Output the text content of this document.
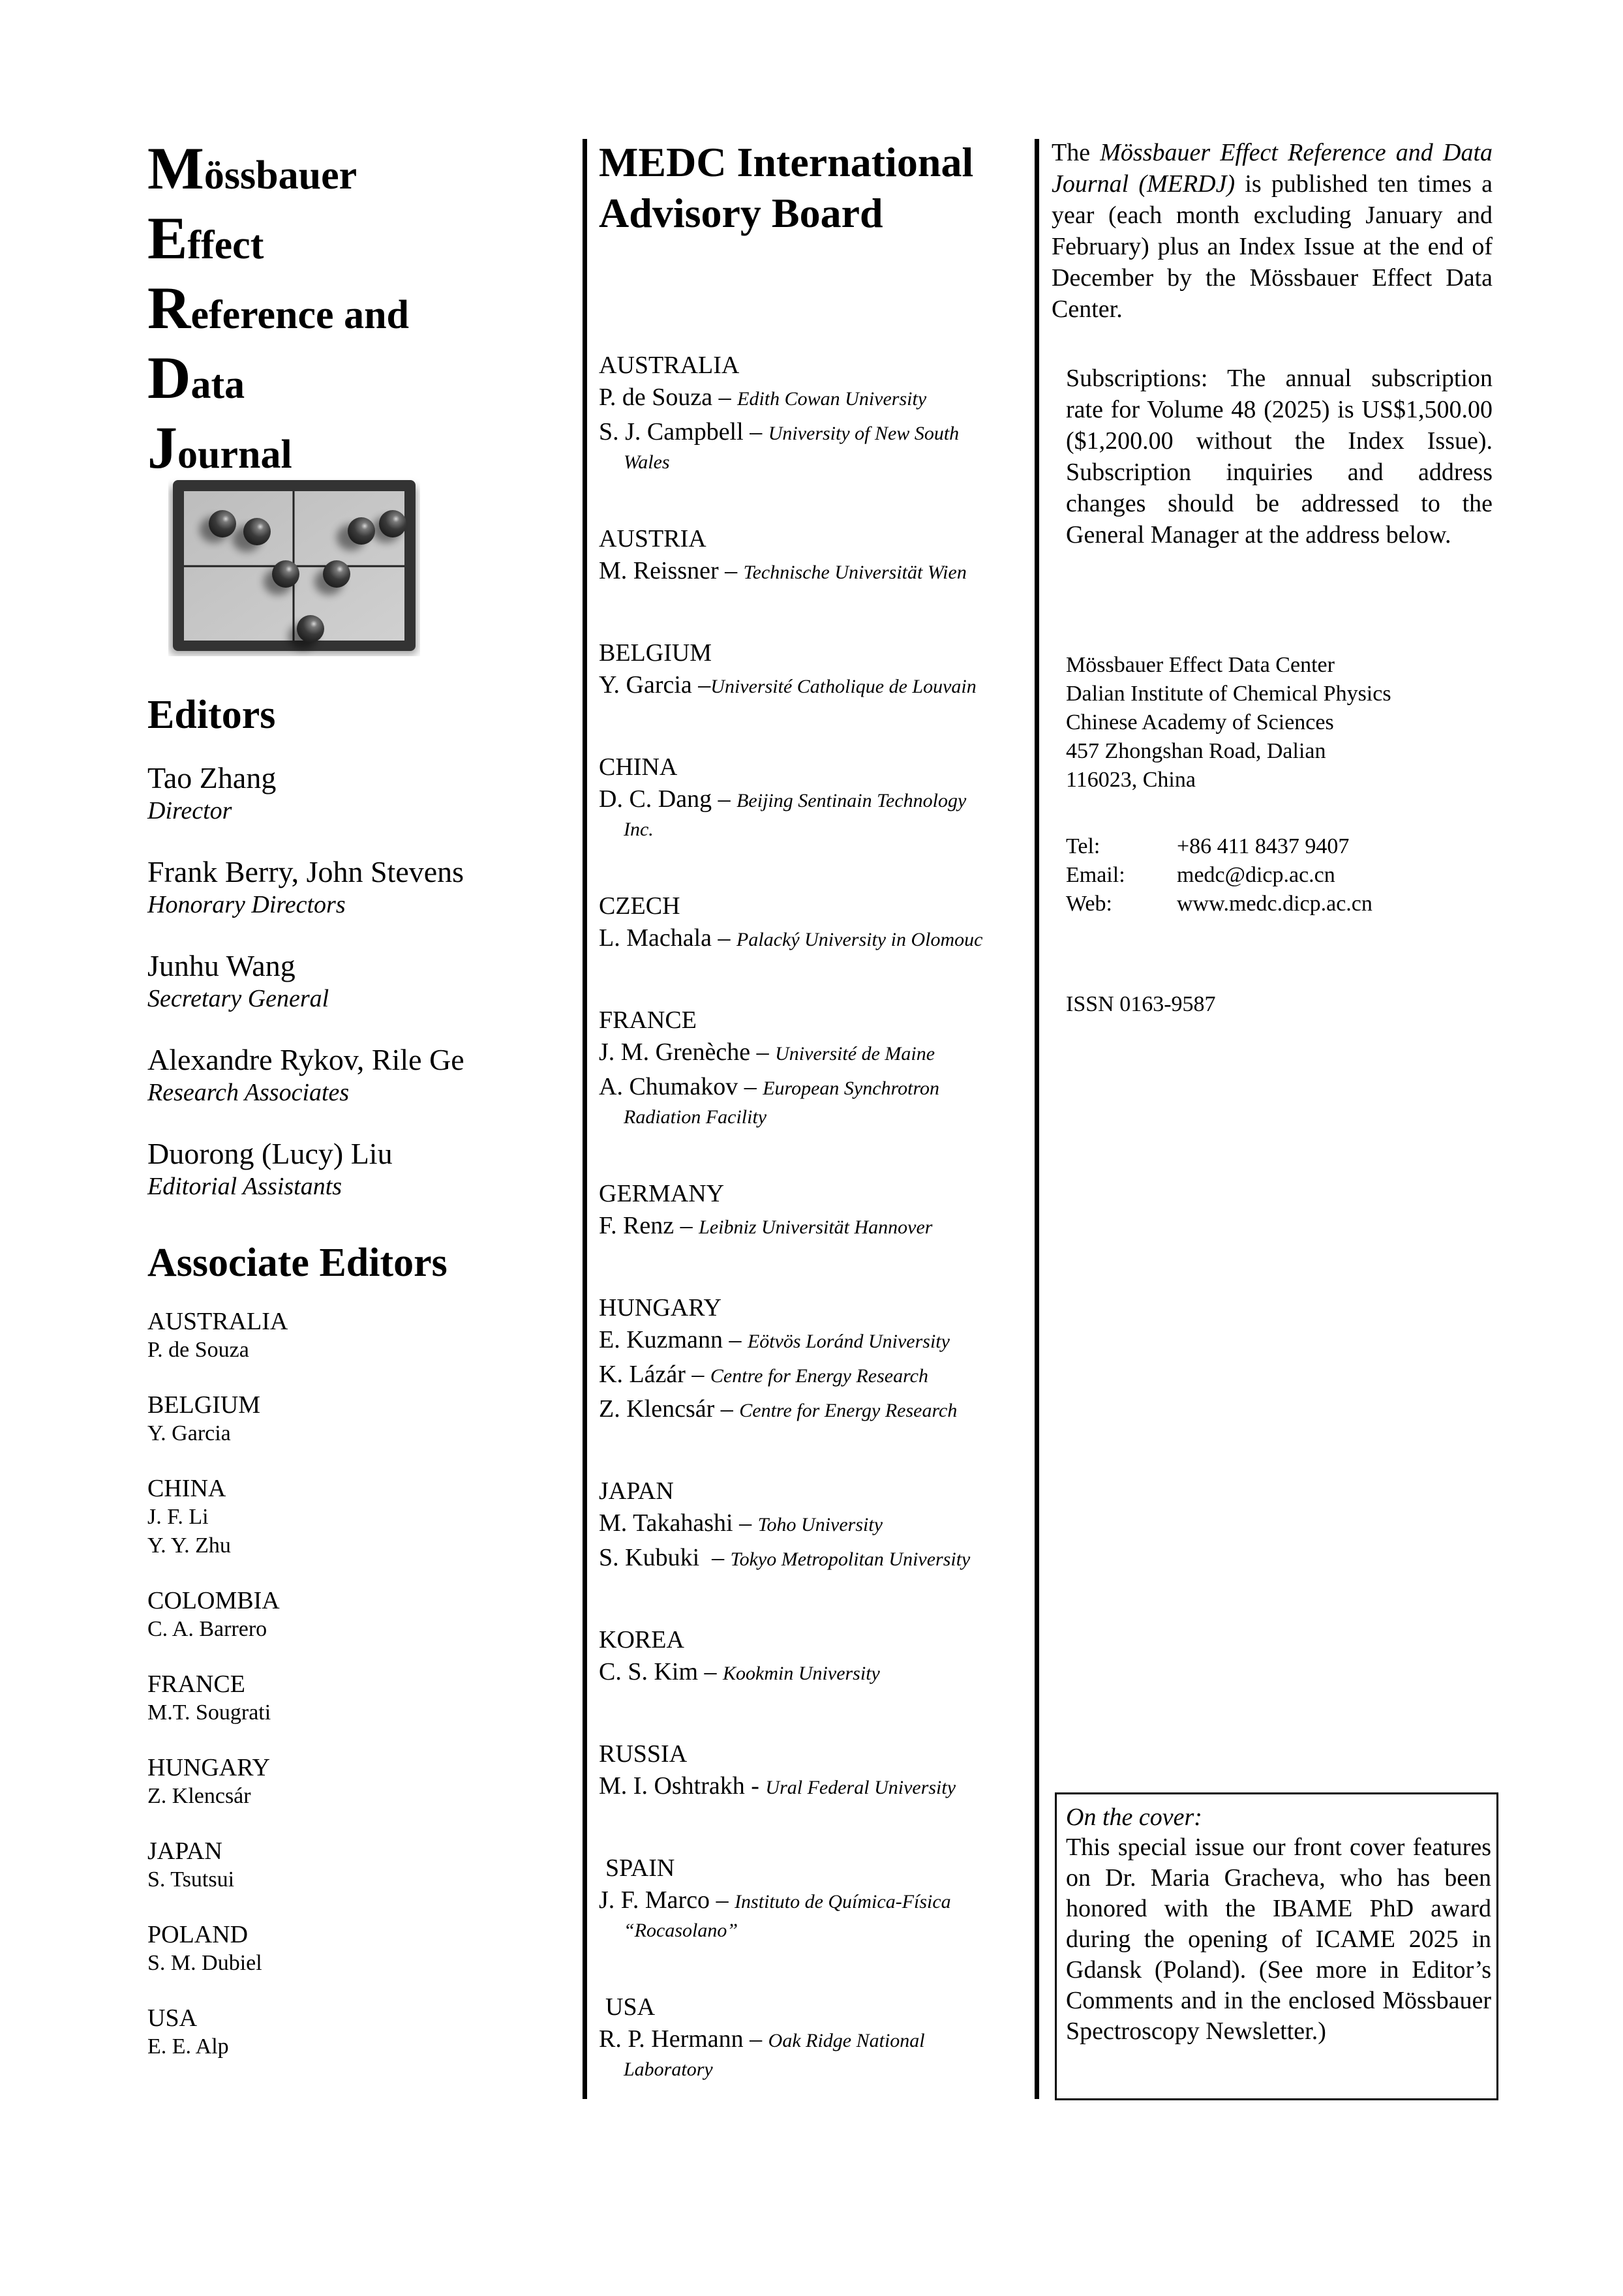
Mössbauer
Effect
Reference and
Data
Journal
Editors
Tao Zhang
Director
Frank Berry, John Stevens
Honorary Directors
Junhu Wang
Secretary General
Alexandre Rykov, Rile Ge
Research Associates
Duorong (Lucy) Liu
Editorial Assistants
Associate Editors
AUSTRALIA
P. de Souza
BELGIUM
Y. Garcia
CHINA
J. F. Li
Y. Y. Zhu
COLOMBIA
C. A. Barrero
FRANCE
M.T. Sougrati
HUNGARY
Z. Klencsár
JAPAN
S. Tsutsui
POLAND
S. M. Dubiel
USA
E. E. Alp
MEDC International
Advisory Board
AUSTRALIA
P. de Souza – Edith Cowan University
S. J. Campbell – University of New South
Wales
AUSTRIA
M. Reissner – Technische Universität Wien
BELGIUM
Y. Garcia –Université Catholique de Louvain
CHINA
D. C. Dang – Beijing Sentinain Technology
Inc.
CZECH
L. Machala – Palacký University in Olomouc
FRANCE
J. M. Grenèche – Université de Maine
A. Chumakov – European Synchrotron
Radiation Facility
GERMANY
F. Renz – Leibniz Universität Hannover
HUNGARY
E. Kuzmann – Eötvös Loránd University
K. Lázár – Centre for Energy Research
Z. Klencsár – Centre for Energy Research
JAPAN
M. Takahashi – Toho University
S. Kubuki  – Tokyo Metropolitan University
KOREA
C. S. Kim – Kookmin University
RUSSIA
M. I. Oshtrakh - Ural Federal University
SPAIN
J. F. Marco – Instituto de Química-Física
“Rocasolano”
USA
R. P. Hermann – Oak Ridge National
Laboratory
The Mössbauer Effect Reference and Data Journal (MERDJ) is published ten times a year (each month excluding January and February) plus an Index Issue at the end of December by the Mössbauer Effect Data Center.
Subscriptions: The annual subscription rate for Volume 48 (2025) is US$1,500.00 ($1,200.00 without the Index Issue). Subscription inquiries and address changes should be addressed to the General Manager at the address below.
Mössbauer Effect Data Center
Dalian Institute of Chemical Physics
Chinese Academy of Sciences
457 Zhongshan Road, Dalian
116023, China
Tel:	+86 411 8437 9407
Email:	medc@dicp.ac.cn
Web:	www.medc.dicp.ac.cn
ISSN 0163-9587
On the cover:
This special issue our front cover features on Dr. Maria Gracheva, who has been honored with the IBAME PhD award during the opening of ICAME 2025 in Gdansk (Poland). (See more in Editor’s Comments and in the enclosed Mössbauer Spectroscopy Newsletter.)
